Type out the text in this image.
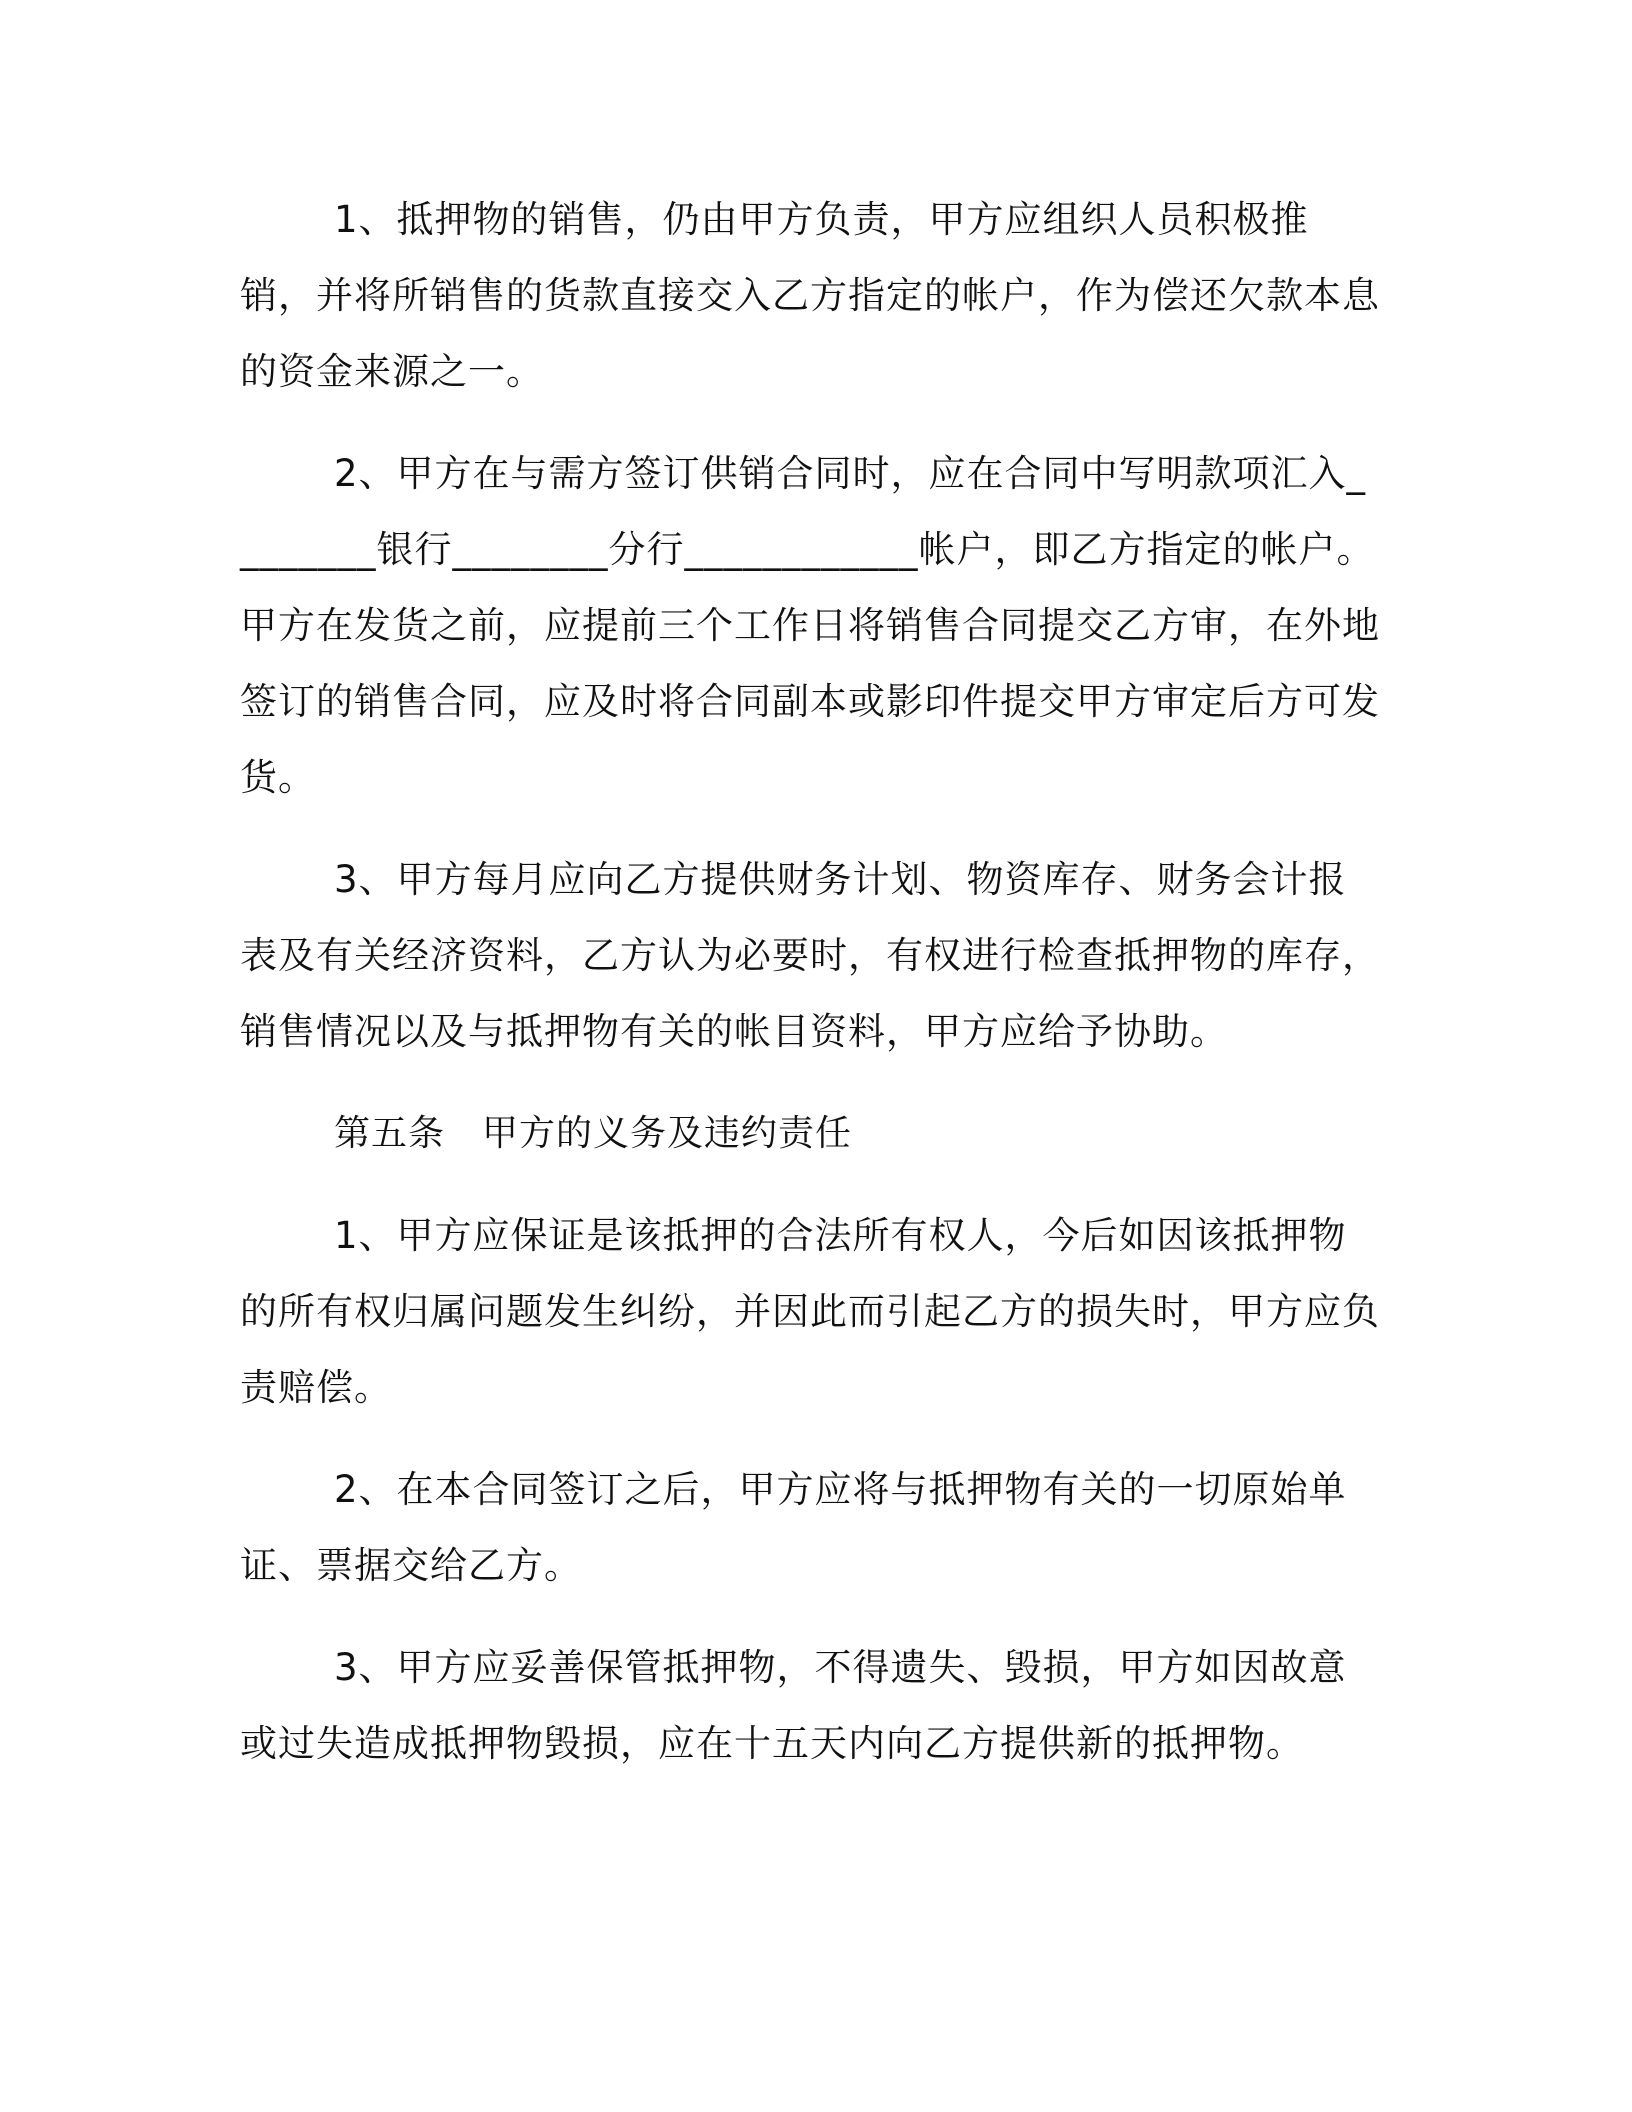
1、抵押物的销售，仍由甲方负责，甲方应组织人员积极推销，并将所销售的货款直接交入乙方指定的帐户，作为偿还欠款本息的资金来源之一。

2、甲方在与需方签订供销合同时，应在合同中写明款项汇入________银行________分行____________帐户，即乙方指定的帐户。甲方在发货之前，应提前三个工作日将销售合同提交乙方审，在外地签订的销售合同，应及时将合同副本或影印件提交甲方审定后方可发货。

3、甲方每月应向乙方提供财务计划、物资库存、财务会计报表及有关经济资料，乙方认为必要时，有权进行检查抵押物的库存，销售情况以及与抵押物有关的帐目资料，甲方应给予协助。

第五条　甲方的义务及违约责任

1、甲方应保证是该抵押的合法所有权人，今后如因该抵押物的所有权归属问题发生纠纷，并因此而引起乙方的损失时，甲方应负责赔偿。

2、在本合同签订之后，甲方应将与抵押物有关的一切原始单证、票据交给乙方。

3、甲方应妥善保管抵押物，不得遗失、毁损，甲方如因故意或过失造成抵押物毁损，应在十五天内向乙方提供新的抵押物。
